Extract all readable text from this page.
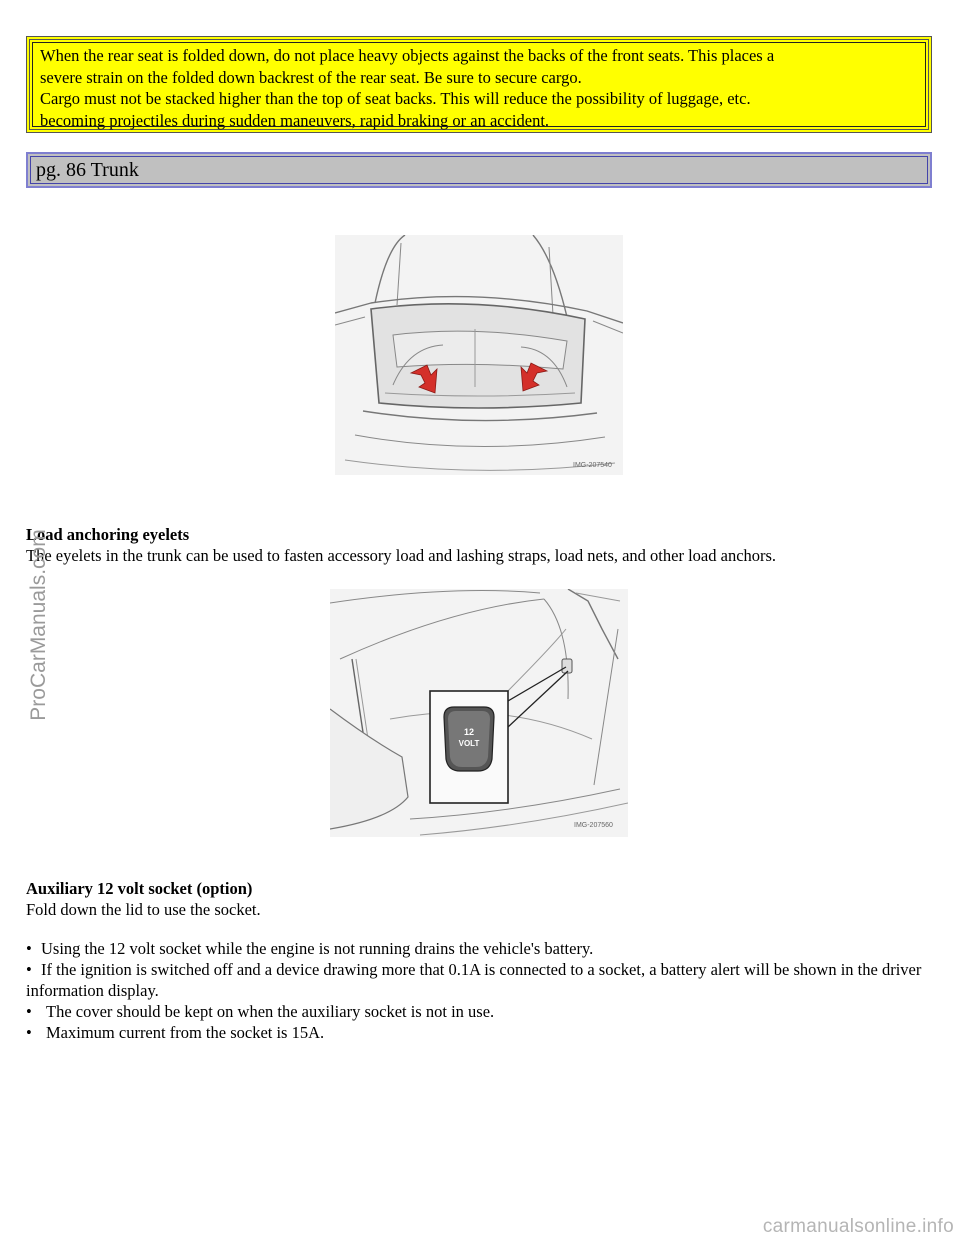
When the rear seat is folded down, do not place heavy objects against the backs of the front seats. This places a

severe strain on the folded down backrest of the rear seat. Be sure to secure cargo.

Cargo must not be stacked higher than the top of seat backs. This will reduce the possibility of luggage, etc.

becoming projectiles during sudden maneuvers, rapid braking or an accident.

pg. 86 Trunk
IMG-207540
Load anchoring eyelets
The eyelets in the trunk can be used to fasten accessory load and lashing straps, load nets, and other load anchors.
12
VOLT
IMG-207560
Auxiliary 12 volt socket (option)
Fold down the lid to use the socket.
• Using the 12 volt socket while the engine is not running drains the vehicle's battery.
• If the ignition is switched off and a device drawing more that 0.1A is connected to a socket, a battery alert will be shown in the driver information display.
• The cover should be kept on when the auxiliary socket is not in use.
• Maximum current from the socket is 15A.
ProCarManuals.com
carmanualsonline.info
